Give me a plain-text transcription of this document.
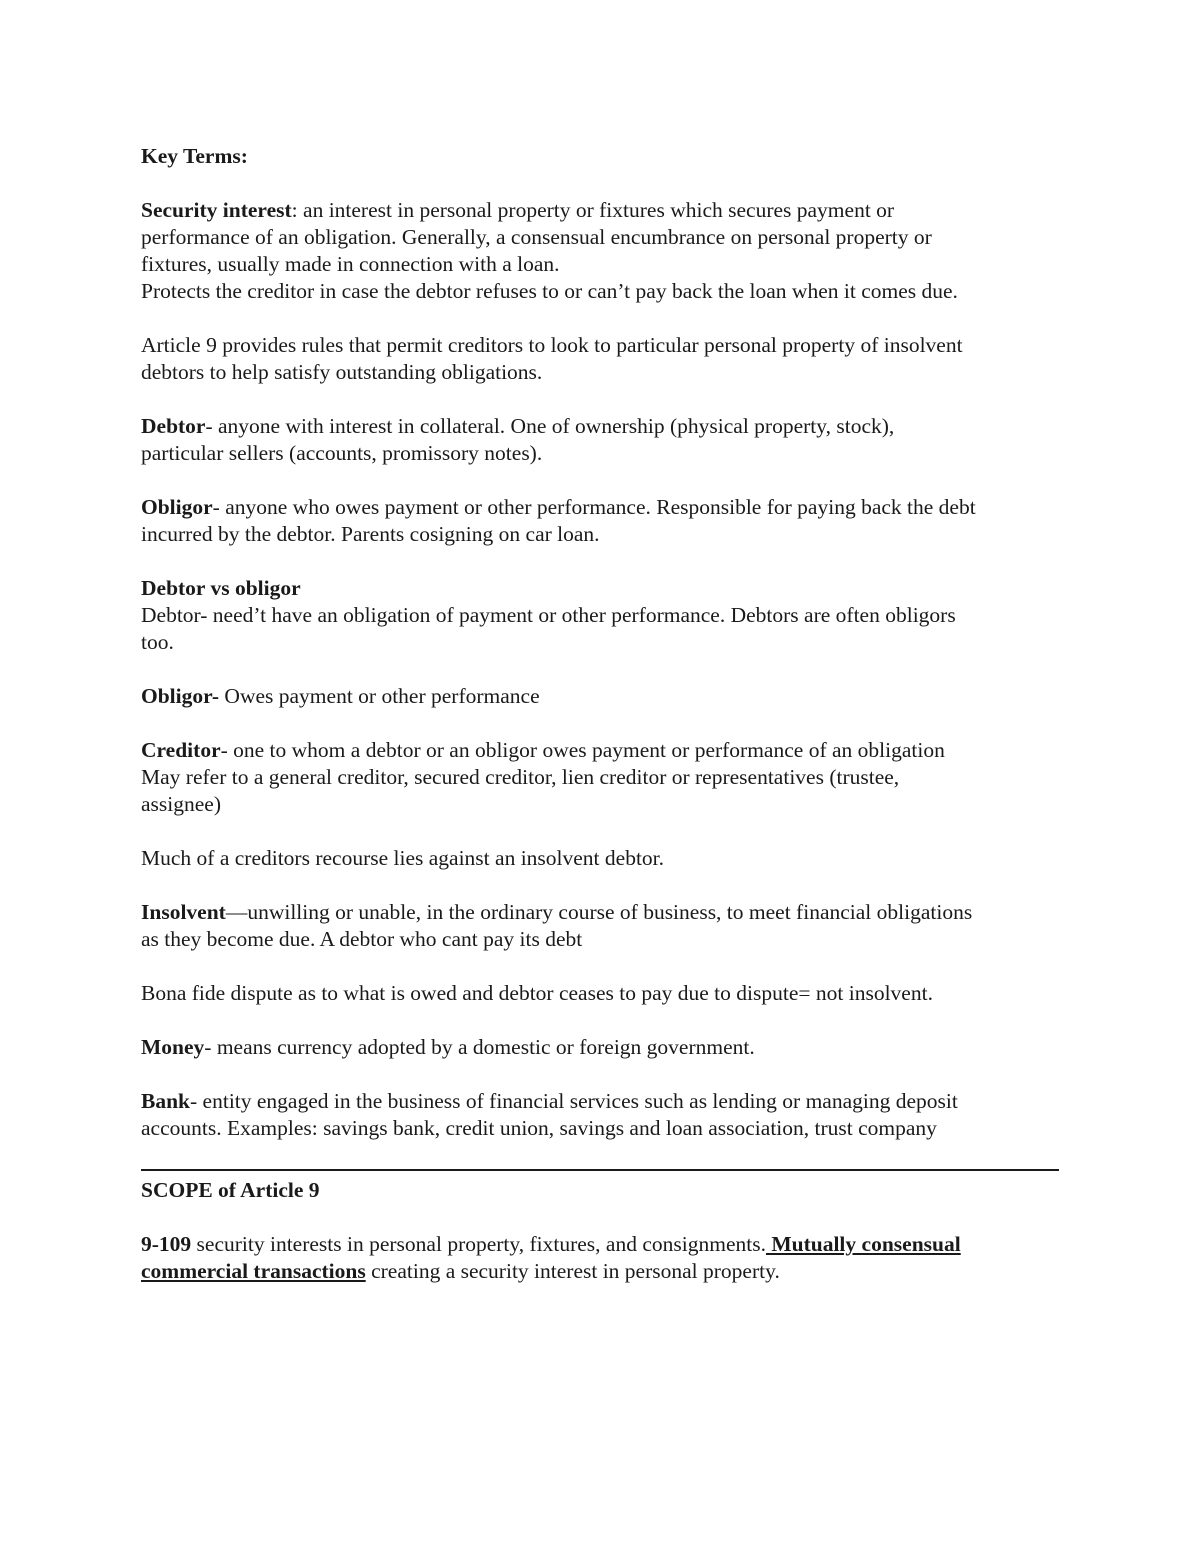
Key Terms:

Security interest: an interest in personal property or fixtures which secures payment or
performance of an obligation. Generally, a consensual encumbrance on personal property or
fixtures, usually made in connection with a loan.
Protects the creditor in case the debtor refuses to or can’t pay back the loan when it comes due.

Article 9 provides rules that permit creditors to look to particular personal property of insolvent
debtors to help satisfy outstanding obligations.

Debtor- anyone with interest in collateral. One of ownership (physical property, stock),
particular sellers (accounts, promissory notes).

Obligor- anyone who owes payment or other performance. Responsible for paying back the debt
incurred by the debtor. Parents cosigning on car loan.

Debtor vs obligor
Debtor- need’t have an obligation of payment or other performance. Debtors are often obligors
too.

Obligor- Owes payment or other performance

Creditor- one to whom a debtor or an obligor owes payment or performance of an obligation
May refer to a general creditor, secured creditor, lien creditor or representatives (trustee,
assignee)

Much of a creditors recourse lies against an insolvent debtor.

Insolvent—unwilling or unable, in the ordinary course of business, to meet financial obligations
as they become due. A debtor who cant pay its debt

Bona fide dispute as to what is owed and debtor ceases to pay due to dispute= not insolvent.

Money- means currency adopted by a domestic or foreign government.

Bank- entity engaged in the business of financial services such as lending or managing deposit
accounts. Examples: savings bank, credit union, savings and loan association, trust company

SCOPE of Article 9

9-109 security interests in personal property, fixtures, and consignments. Mutually consensual
commercial transactions creating a security interest in personal property.
